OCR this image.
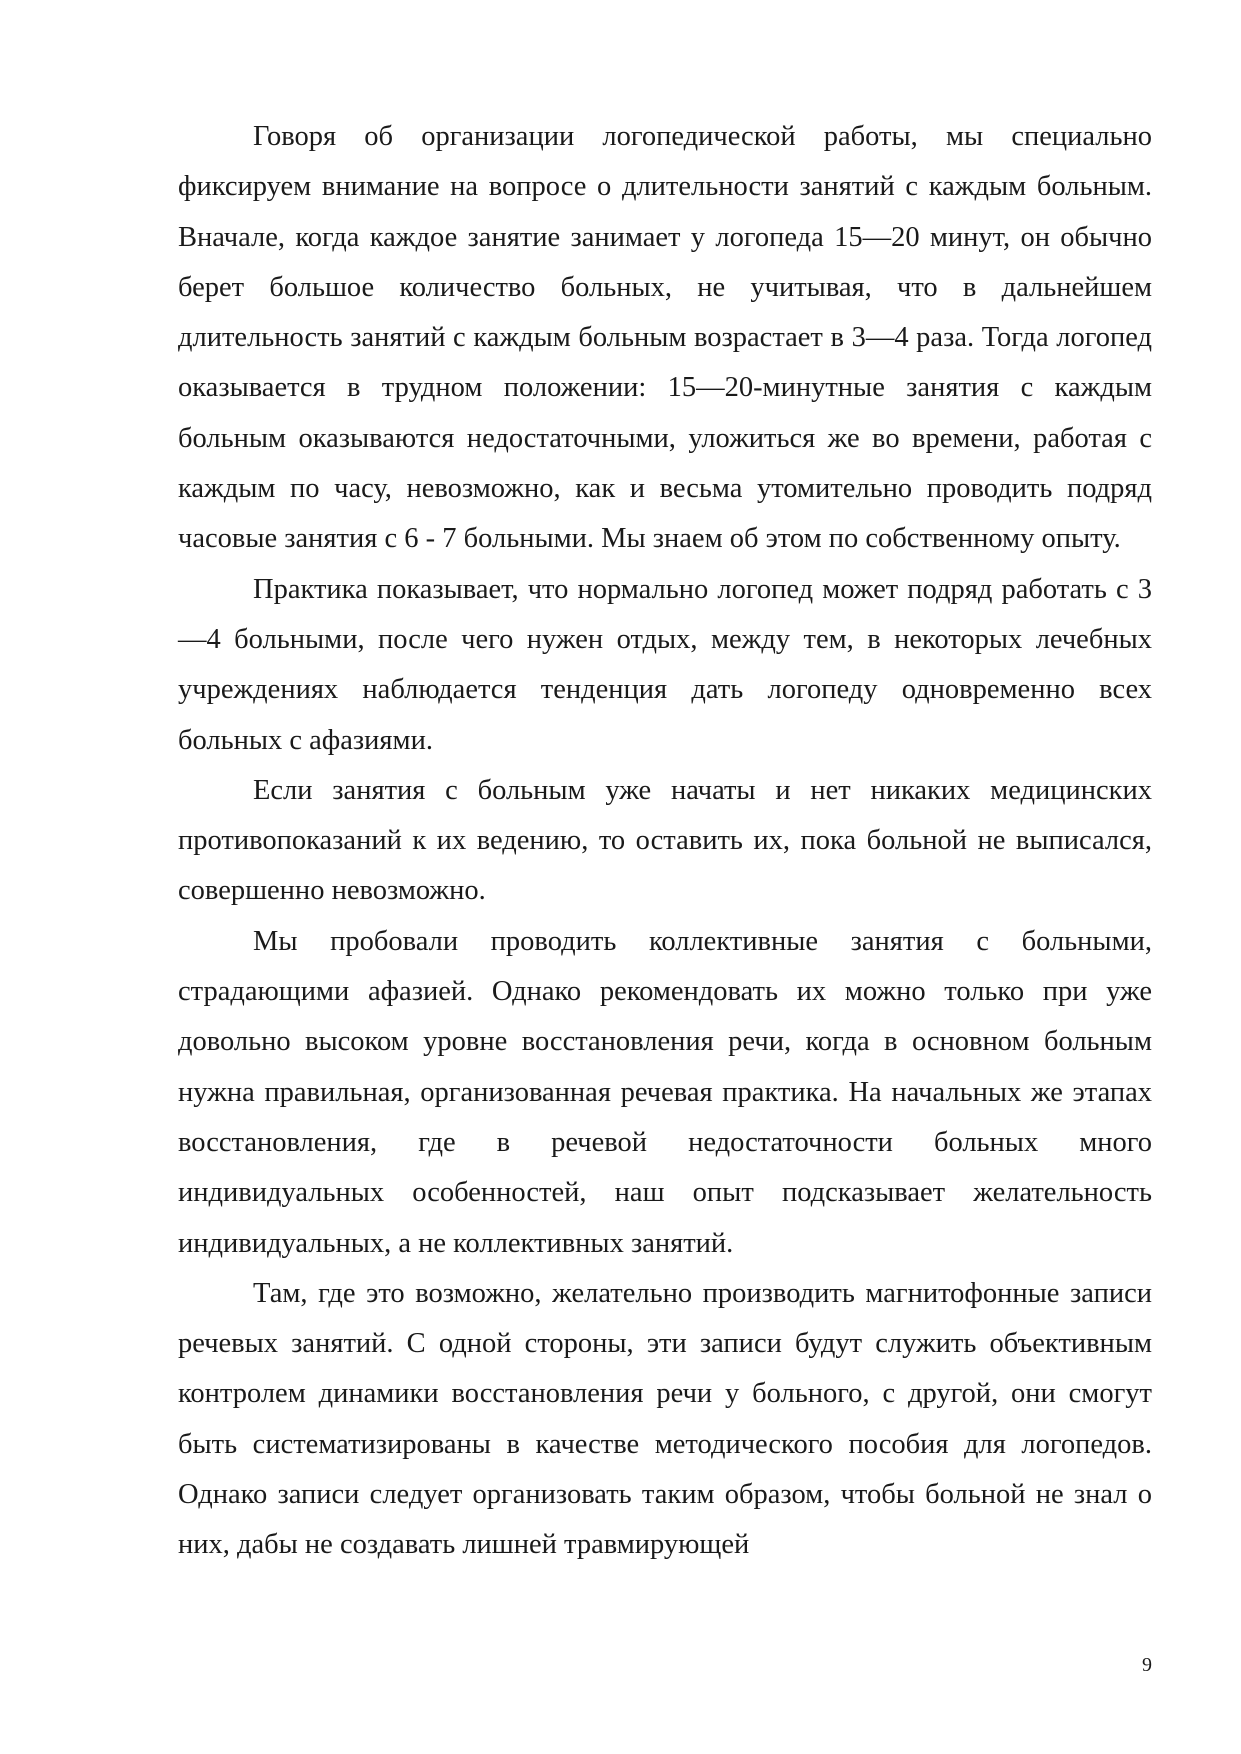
Говоря об организации логопедической работы, мы специально фиксируем внимание на вопросе о длительности занятий с каждым больным. Вначале, когда каждое занятие занимает у логопеда 15—20 минут, он обычно берет большое количество больных, не учитывая, что в дальнейшем длительность занятий с каждым больным возрастает в 3—4 раза. Тогда логопед оказывается в трудном положении: 15—20-минутные занятия с каждым больным оказываются недостаточными, уложиться же во времени, работая с каждым по часу, невозможно, как и весьма утомительно проводить подряд часовые занятия с 6 - 7 больными. Мы знаем об этом по собственному опыту.

Практика показывает, что нормально логопед может подряд работать с 3—4 больными, после чего нужен отдых, между тем, в некоторых лечебных учреждениях наблюдается тенденция дать логопеду одновременно всех больных с афазиями.

Если занятия с больным уже начаты и нет никаких медицинских противопоказаний к их ведению, то оставить их, пока больной не выписался, совершенно невозможно.

Мы пробовали проводить коллективные занятия с больными, страдающими афазией. Однако рекомендовать их можно только при уже довольно высоком уровне восстановления речи, когда в основном больным нужна правильная, организованная речевая практика. На начальных же этапах восстановления, где в речевой недостаточности больных много индивидуальных особенностей, наш опыт подсказывает желательность индивидуальных, а не коллективных занятий.

Там, где это возможно, желательно производить магнитофонные записи речевых занятий. С одной стороны, эти записи будут служить объективным контролем динамики восстановления речи у больного, с другой, они смогут быть систематизированы в качестве методического пособия для логопедов. Однако записи следует организовать таким образом, чтобы больной не знал о них, дабы не создавать лишней травмирующей

9
